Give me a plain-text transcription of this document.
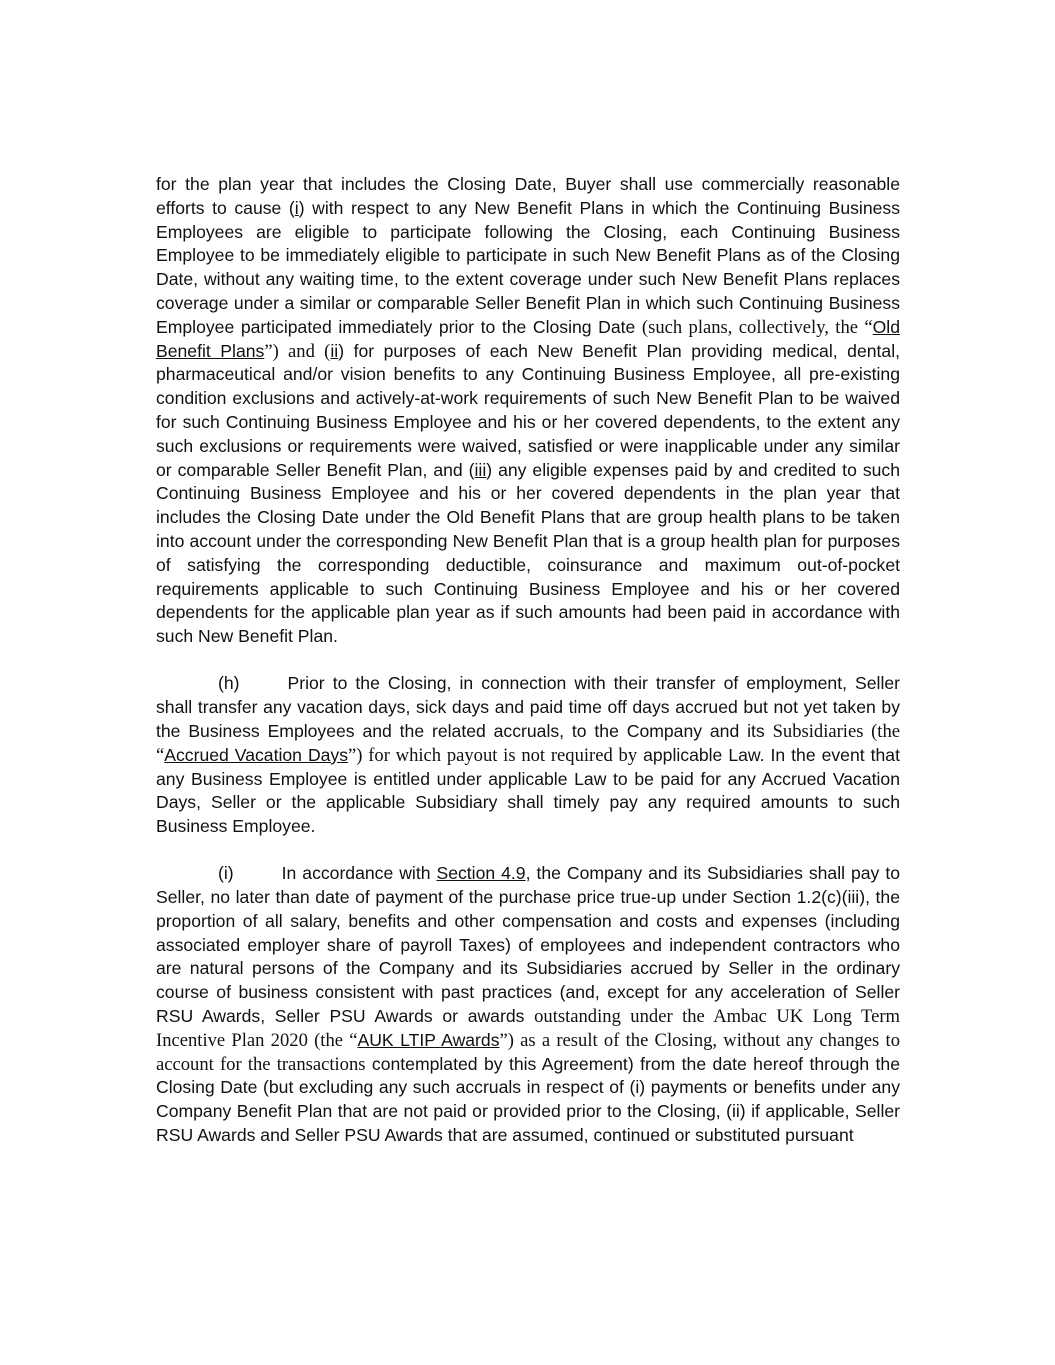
for the plan year that includes the Closing Date, Buyer shall use commercially reasonable efforts to cause (i) with respect to any New Benefit Plans in which the Continuing Business Employees are eligible to participate following the Closing, each Continuing Business Employee to be immediately eligible to participate in such New Benefit Plans as of the Closing Date, without any waiting time, to the extent coverage under such New Benefit Plans replaces coverage under a similar or comparable Seller Benefit Plan in which such Continuing Business Employee participated immediately prior to the Closing Date (such plans, collectively, the “Old Benefit Plans”) and (ii) for purposes of each New Benefit Plan providing medical, dental, pharmaceutical and/or vision benefits to any Continuing Business Employee, all pre-existing condition exclusions and actively-at-work requirements of such New Benefit Plan to be waived for such Continuing Business Employee and his or her covered dependents, to the extent any such exclusions or requirements were waived, satisfied or were inapplicable under any similar or comparable Seller Benefit Plan, and (iii) any eligible expenses paid by and credited to such Continuing Business Employee and his or her covered dependents in the plan year that includes the Closing Date under the Old Benefit Plans that are group health plans to be taken into account under the corresponding New Benefit Plan that is a group health plan for purposes of satisfying the corresponding deductible, coinsurance and maximum out-of-pocket requirements applicable to such Continuing Business Employee and his or her covered dependents for the applicable plan year as if such amounts had been paid in accordance with such New Benefit Plan.

(h)	Prior to the Closing, in connection with their transfer of employment, Seller shall transfer any vacation days, sick days and paid time off days accrued but not yet taken by the Business Employees and the related accruals, to the Company and its Subsidiaries (the “Accrued Vacation Days”) for which payout is not required by applicable Law. In the event that any Business Employee is entitled under applicable Law to be paid for any Accrued Vacation Days, Seller or the applicable Subsidiary shall timely pay any required amounts to such Business Employee.

(i)	In accordance with Section 4.9, the Company and its Subsidiaries shall pay to Seller, no later than date of payment of the purchase price true-up under Section 1.2(c)(iii), the proportion of all salary, benefits and other compensation and costs and expenses (including associated employer share of payroll Taxes) of employees and independent contractors who are natural persons of the Company and its Subsidiaries accrued by Seller in the ordinary course of business consistent with past practices (and, except for any acceleration of Seller RSU Awards, Seller PSU Awards or awards outstanding under the Ambac UK Long Term Incentive Plan 2020 (the “AUK LTIP Awards”) as a result of the Closing, without any changes to account for the transactions contemplated by this Agreement) from the date hereof through the Closing Date (but excluding any such accruals in respect of (i) payments or benefits under any Company Benefit Plan that are not paid or provided prior to the Closing, (ii) if applicable, Seller RSU Awards and Seller PSU Awards that are assumed, continued or substituted pursuant
